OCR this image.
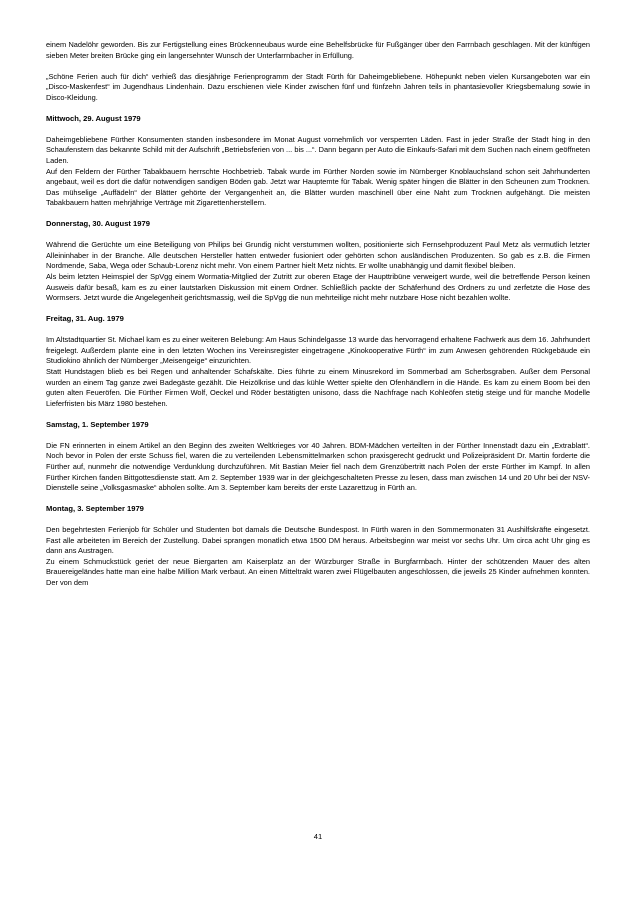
einem Nadelöhr geworden. Bis zur Fertigstellung eines Brückenneubaus wurde eine Behelfsbrücke für Fußgänger über den Farrnbach geschlagen. Mit der künftigen sieben Meter breiten Brücke ging ein langersehnter Wunsch der Unterfarrnbacher in Erfüllung.

„Schöne Ferien auch für dich“ verhieß das diesjährige Ferienprogramm der Stadt Fürth für Daheimgebliebene. Höhepunkt neben vielen Kursangeboten war ein „Disco-Maskenfest“ im Jugendhaus Lindenhain. Dazu erschienen viele Kinder zwischen fünf und fünfzehn Jahren teils in phantasievoller Kriegsbemalung sowie in Disco-Kleidung.

Mittwoch, 29. August 1979

Daheimgebliebene Fürther Konsumenten standen insbesondere im Monat August vornehmlich vor versperrten Läden. Fast in jeder Straße der Stadt hing in den Schaufenstern das bekannte Schild mit der Aufschrift „Betriebsferien von ... bis ...“. Dann begann per Auto die Einkaufs-Safari mit dem Suchen nach einem geöffneten Laden.

Auf den Feldern der Fürther Tabakbauern herrschte Hochbetrieb. Tabak wurde im Fürther Norden sowie im Nürnberger Knoblauchsland schon seit Jahrhunderten angebaut, weil es dort die dafür notwendigen sandigen Böden gab. Jetzt war Hauptemte für Tabak. Wenig später hingen die Blätter in den Scheunen zum Trocknen. Das mühselige „Auffädeln“ der Blätter gehörte der Vergangenheit an, die Blätter wurden maschinell über eine Naht zum Trocknen aufgehängt. Die meisten Tabakbauern hatten mehrjährige Verträge mit Zigarettenherstellern.

Donnerstag, 30. August 1979

Während die Gerüchte um eine Beteiligung von Philips bei Grundig nicht verstummen wollten, positionierte sich Fernsehproduzent Paul Metz als vermutlich letzter Alleininhaber in der Branche. Alle deutschen Hersteller hatten entweder fusioniert oder gehörten schon ausländischen Produzenten. So gab es z.B. die Firmen Nordmende, Saba, Wega oder Schaub-Lorenz nicht mehr. Von einem Partner hielt Metz nichts. Er wollte unabhängig und damit flexibel bleiben.

Als beim letzten Heimspiel der SpVgg einem Wormatia-Mitglied der Zutritt zur oberen Etage der Haupttribüne verweigert wurde, weil die betreffende Person keinen Ausweis dafür besaß, kam es zu einer lautstarken Diskussion mit einem Ordner. Schließlich packte der Schäferhund des Ordners zu und zerfetzte die Hose des Wormsers. Jetzt wurde die Angelegenheit gerichtsmassig, weil die SpVgg die nun mehrteilige nicht mehr nutzbare Hose nicht bezahlen wollte.

Freitag, 31. Aug. 1979

Im Altstadtquartier St. Michael kam es zu einer weiteren Belebung: Am Haus Schindelgasse 13 wurde das hervorragend erhaltene Fachwerk aus dem 16. Jahrhundert freigelegt. Außerdem plante eine in den letzten Wochen ins Vereinsregister eingetragene „Kinokooperative Fürth“ im zum Anwesen gehörenden Rückgebäude ein Studiokino ähnlich der Nürnberger „Meisengeige“ einzurichten.

Statt Hundstagen blieb es bei Regen und anhaltender Schafskälte. Dies führte zu einem Minusrekord im Sommerbad am Scherbsgraben. Außer dem Personal wurden an einem Tag ganze zwei Badegäste gezählt. Die Heizölkrise und das kühle Wetter spielte den Ofenhändlern in die Hände. Es kam zu einem Boom bei den guten alten Feueröfen. Die Fürther Firmen Wolf, Oeckel und Röder bestätigten unisono, dass die Nachfrage nach Kohleöfen stetig steige und für manche Modelle Lieferfristen bis März 1980 bestehen.

Samstag, 1. September 1979

Die FN erinnerten in einem Artikel an den Beginn des zweiten Weltkrieges vor 40 Jahren. BDM-Mädchen verteilten in der Fürther Innenstadt dazu ein „Extrablatt“. Noch bevor in Polen der erste Schuss fiel, waren die zu verteilenden Lebensmittelmarken schon praxisgerecht gedruckt und Polizeipräsident Dr. Martin forderte die Fürther auf, nunmehr die notwendige Verdunklung durchzuführen. Mit Bastian Meier fiel nach dem Grenzübertritt nach Polen der erste Fürther im Kampf. In allen Fürther Kirchen fanden Bittgottesdienste statt. Am 2. September 1939 war in der gleichgeschalteten Presse zu lesen, dass man zwischen 14 und 20 Uhr bei der NSV-Dienstelle seine „Volksgasmaske“ abholen sollte. Am 3. September kam bereits der erste Lazarettzug in Fürth an.

Montag, 3. September 1979

Den begehrtesten Ferienjob für Schüler und Studenten bot damals die Deutsche Bundespost. In Fürth waren in den Sommermonaten 31 Aushilfskräfte eingesetzt. Fast alle arbeiteten im Bereich der Zustellung. Dabei sprangen monatlich etwa 1500 DM heraus. Arbeitsbeginn war meist vor sechs Uhr. Um circa acht Uhr ging es dann ans Austragen.

Zu einem Schmuckstück geriet der neue Biergarten am Kaiserplatz an der Würzburger Straße in Burgfarrnbach. Hinter der schützenden Mauer des alten Brauereigeländes hatte man eine halbe Million Mark verbaut. An einen Mitteltrakt waren zwei Flügelbauten angeschlossen, die jeweils 25 Kinder aufnehmen konnten. Der von dem

41
